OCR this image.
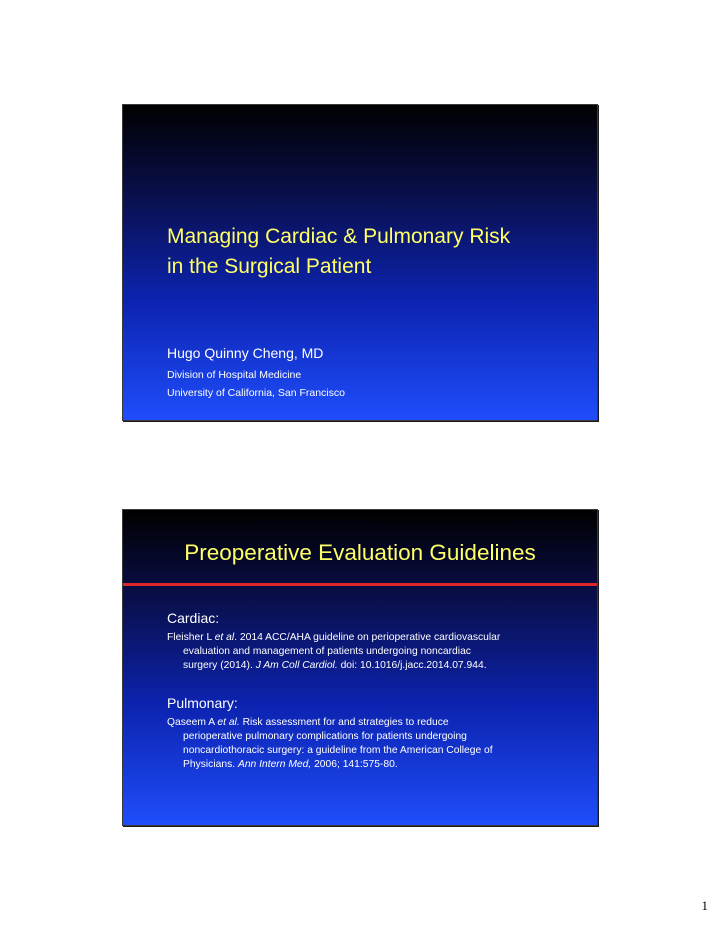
Managing Cardiac & Pulmonary Risk
in the Surgical Patient
Hugo Quinny Cheng, MD
Division of Hospital Medicine
University of California, San Francisco
Preoperative Evaluation Guidelines
Cardiac:
Fleisher L et al. 2014 ACC/AHA guideline on perioperative cardiovascular
evaluation and management of patients undergoing noncardiac
surgery (2014). J Am Coll Cardiol. doi: 10.1016/j.jacc.2014.07.944.
Pulmonary:
Qaseem A et al. Risk assessment for and strategies to reduce
perioperative pulmonary complications for patients undergoing
noncardiothoracic surgery: a guideline from the American College of
Physicians. Ann Intern Med, 2006; 141:575-80.
1
